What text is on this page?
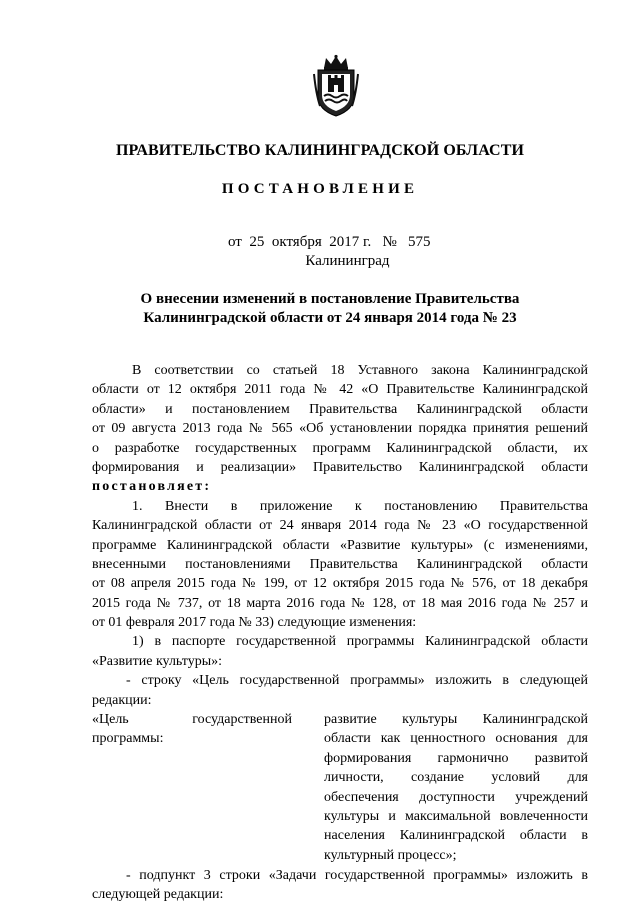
ПРАВИТЕЛЬСТВО КАЛИНИНГРАДСКОЙ ОБЛАСТИ
ПОСТАНОВЛЕНИЕ
от  25  октября  2017 г.   №   575
Калининград
О внесении изменений в постановление Правительства
Калининградской области от 24 января 2014 года № 23
В соответствии со статьей 18 Уставного закона Калининградской
области от 12 октября 2011 года № 42 «О Правительстве Калининградской
области» и постановлением Правительства Калининградской области
от 09 августа 2013 года № 565 «Об установлении порядка принятия решений
о разработке государственных программ Калининградской области, их
формирования и реализации» Правительство Калининградской области
постановляет:
1. Внести в приложение к постановлению Правительства
Калининградской области от 24 января 2014 года № 23 «О государственной
программе Калининградской области «Развитие культуры» (с изменениями,
внесенными постановлениями Правительства Калининградской области
от 08 апреля 2015 года № 199, от 12 октября 2015 года № 576, от 18 декабря
2015 года № 737, от 18 марта 2016 года № 128, от 18 мая 2016 года № 257 и
от 01 февраля 2017 года № 33) следующие изменения:
1) в паспорте государственной программы Калининградской области
«Развитие культуры»:
- строку «Цель государственной программы» изложить в следующей
редакции:
«Цель государственной
программы:
развитие культуры Калининградской
области как ценностного основания для
формирования гармонично развитой
личности, создание условий для
обеспечения доступности учреждений
культуры и максимальной вовлеченности
населения Калининградской области в
культурный процесс»;
- подпункт 3 строки «Задачи государственной программы» изложить в
следующей редакции:
